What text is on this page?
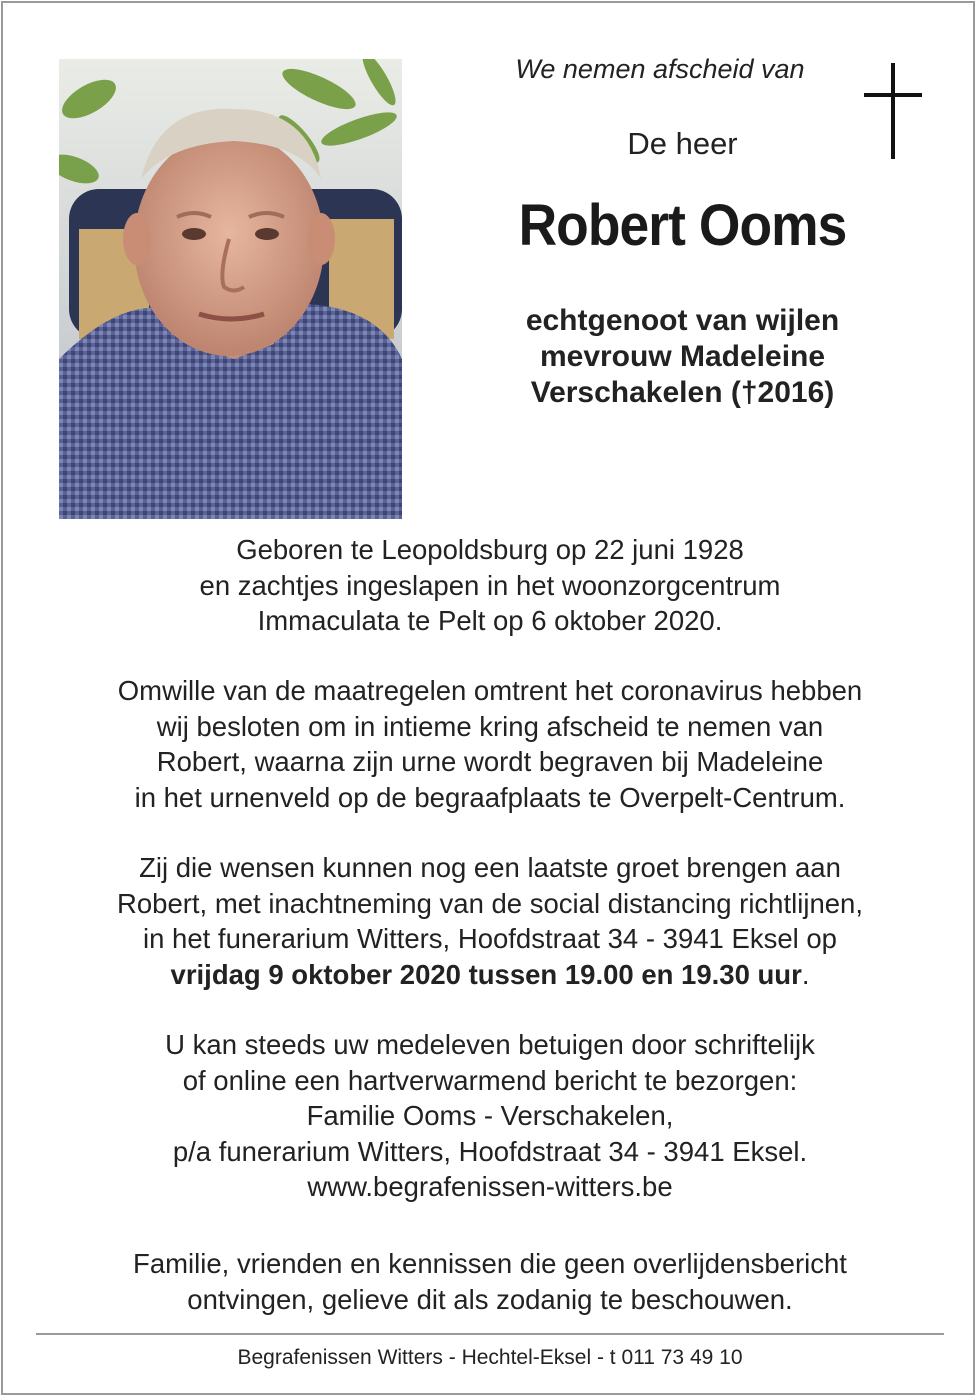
We nemen afscheid van
De heer
Robert Ooms
echtgenoot van wijlen
mevrouw Madeleine
Verschakelen (†2016)
Geboren te Leopoldsburg op 22 juni 1928
en zachtjes ingeslapen in het woonzorgcentrum
Immaculata te Pelt op 6 oktober 2020.
Omwille van de maatregelen omtrent het coronavirus hebben
wij besloten om in intieme kring afscheid te nemen van
Robert, waarna zijn urne wordt begraven bij Madeleine
in het urnenveld op de begraafplaats te Overpelt-Centrum.
Zij die wensen kunnen nog een laatste groet brengen aan
Robert, met inachtneming van de social distancing richtlijnen,
in het funerarium Witters, Hoofdstraat 34 - 3941 Eksel op
vrijdag 9 oktober 2020 tussen 19.00 en 19.30 uur.
U kan steeds uw medeleven betuigen door schriftelijk
of online een hartverwarmend bericht te bezorgen:
Familie Ooms - Verschakelen,
p/a funerarium Witters, Hoofdstraat 34 - 3941 Eksel.
www.begrafenissen-witters.be
Familie, vrienden en kennissen die geen overlijdensbericht
ontvingen, gelieve dit als zodanig te beschouwen.
Begrafenissen Witters - Hechtel-Eksel - t 011 73 49 10
